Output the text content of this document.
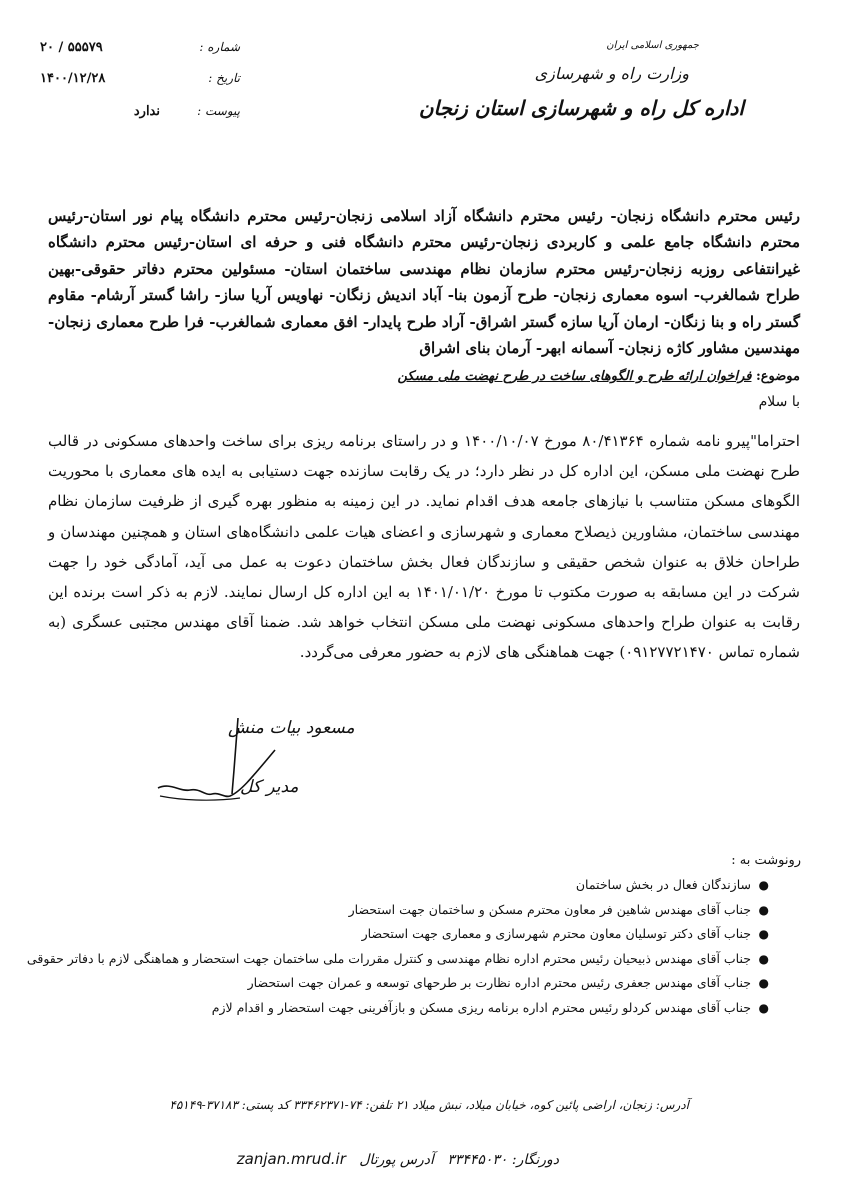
۲۰ / ۵۵۵۷۹	شماره :
۱۴۰۰/۱۲/۲۸	تاریخ :
ندارد	پیوست :
جمهوری اسلامی ایران
وزارت راه و شهرسازی
اداره کل راه و شهرسازی استان زنجان
رئیس محترم دانشگاه زنجان- رئیس محترم دانشگاه آزاد اسلامی زنجان-رئیس محترم دانشگاه پیام نور استان-رئیس محترم دانشگاه جامع علمی و کاربردی زنجان-رئیس محترم دانشگاه فنی و حرفه ای استان-رئیس محترم دانشگاه غیرانتفاعی روزبه زنجان-رئیس محترم سازمان نظام مهندسی ساختمان استان- مسئولین محترم دفاتر حقوقی-بهین طراح شمالغرب- اسوه معماری زنجان- طرح آزمون بنا- آباد اندیش زنگان- نهاویس آریا ساز- راشا گستر آرشام- مقاوم گستر راه و بنا زنگان- ارمان آریا سازه گستر اشراق- آراد طرح پایدار- افق معماری شمالغرب- فرا طرح معماری زنجان- مهندسین مشاور کاژه زنجان- آسمانه ابهر- آرمان بنای اشراق
موضوع: فراخوان ارائه طرح و الگوهای ساخت در طرح نهضت ملی مسکن
با سلام
احتراما"پیرو نامه شماره ۸۰/۴۱۳۶۴ مورخ ۱۴۰۰/۱۰/۰۷ و در راستای برنامه ریزی برای ساخت واحدهای مسکونی در قالب طرح نهضت ملی مسکن، این اداره کل در نظر دارد؛ در یک رقابت سازنده جهت دستیابی به ایده های معماری با محوریت الگوهای مسکن متناسب با نیازهای جامعه هدف اقدام نماید. در این زمینه به منظور بهره گیری از ظرفیت سازمان نظام مهندسی ساختمان، مشاورین ذیصلاح معماری و شهرسازی و اعضای هیات علمی دانشگاه‌های استان و همچنین مهندسان و طراحان خلاق به عنوان شخص حقیقی و سازندگان فعال بخش ساختمان دعوت به عمل می آید، آمادگی خود را جهت شرکت در این مسابقه به صورت مکتوب تا مورخ ۱۴۰۱/۰۱/۲۰ به این اداره کل ارسال نمایند. لازم به ذکر است برنده این رقابت به عنوان طراح واحدهای مسکونی نهضت ملی مسکن انتخاب خواهد شد. ضمنا آقای مهندس مجتبی عسگری (به شماره تماس ۰۹۱۲۷۷۲۱۴۷۰) جهت هماهنگی های لازم به حضور معرفی می‌گردد.
مسعود بیات منش
مدیر کل
رونوشت به :
●
سازندگان فعال در بخش ساختمان
●
جناب آقای مهندس شاهین فر معاون محترم مسکن و ساختمان جهت استحضار
●
جناب آقای دکتر توسلیان معاون محترم شهرسازی و معماری جهت استحضار
●
جناب آقای مهندس ذبیحیان رئیس محترم اداره نظام مهندسی و کنترل مقررات ملی ساختمان جهت استحضار و هماهنگی لازم با دفاتر حقوقی
●
جناب آقای مهندس جعفری رئیس محترم اداره نظارت بر طرحهای توسعه و عمران جهت استحضار
●
جناب آقای مهندس کردلو رئیس محترم اداره برنامه ریزی مسکن و بازآفرینی جهت استحضار و اقدام لازم
آدرس: زنجان، اراضی پائین کوه، خیابان میلاد، نبش میلاد ۲۱ تلفن: ۷۴-۳۳۴۶۲۳۷۱ کد پستی: ۳۷۱۸۳-۴۵۱۴۹
دورنگار: ۳۳۴۴۵۰۳۰   آدرس پورتال   zanjan.mrud.ir
